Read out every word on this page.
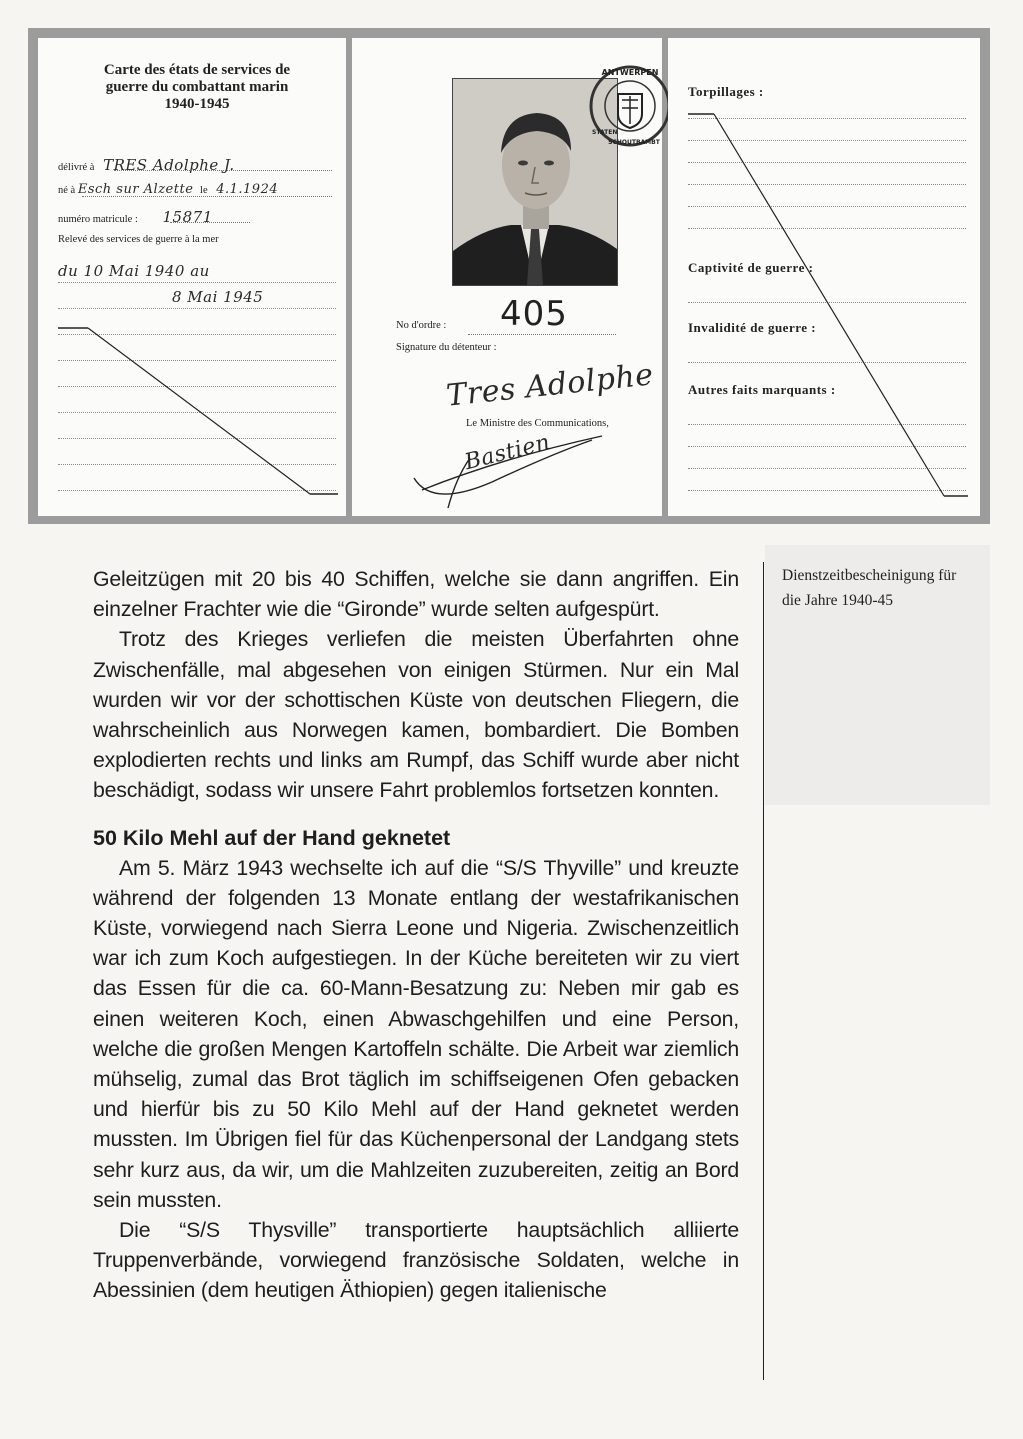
Carte des états de services de
guerre du combattant marin
1940-1945
délivré à TRES Adolphe J.
né à Esch sur Alzette le 4.1.1924
numéro matricule : 15871
Relevé des services de guerre à la mer
du 10 Mai 1940 au
8 Mai 1945
ANTWERPEN
STATEN
SCHOUTBAMBT
No d'ordre : 405
Signature du détenteur :
Tres Adolphe
Le Ministre des Communications,
Bastien
Torpillages :
Captivité de guerre :
Invalidité de guerre :
Autres faits marquants :
Dienstzeitbescheinigung für
die Jahre 1940-45

Geleitzügen mit 20 bis 40 Schiffen, welche sie dann angriffen. Ein einzelner Frachter wie die “Gironde” wurde selten aufgespürt.

Trotz des Krieges verliefen die meisten Überfahrten ohne Zwischenfälle, mal abgesehen von einigen Stürmen. Nur ein Mal wurden wir vor der schottischen Küste von deutschen Fliegern, die wahrscheinlich aus Norwegen kamen, bombardiert. Die Bomben explodierten rechts und links am Rumpf, das Schiff wurde aber nicht beschädigt, sodass wir unsere Fahrt problemlos fortsetzen konnten.

50 Kilo Mehl auf der Hand geknetet

Am 5. März 1943 wechselte ich auf die “S/S Thyville” und kreuzte während der folgenden 13 Monate entlang der westafrikanischen Küste, vorwiegend nach Sierra Leone und Nigeria. Zwischenzeitlich war ich zum Koch aufgestiegen. In der Küche bereiteten wir zu viert das Essen für die ca. 60-Mann-Besatzung zu: Neben mir gab es einen weiteren Koch, einen Abwaschgehilfen und eine Person, welche die großen Mengen Kartoffeln schälte. Die Arbeit war ziemlich mühselig, zumal das Brot täglich im schiffseigenen Ofen gebacken und hierfür bis zu 50 Kilo Mehl auf der Hand geknetet werden mussten. Im Übrigen fiel für das Küchenpersonal der Landgang stets sehr kurz aus, da wir, um die Mahlzeiten zuzubereiten, zeitig an Bord sein mussten.

Die “S/S Thysville” transportierte hauptsächlich alliierte Truppenverbände, vorwiegend französische Soldaten, welche in Abessinien (dem heutigen Äthiopien) gegen italienische
